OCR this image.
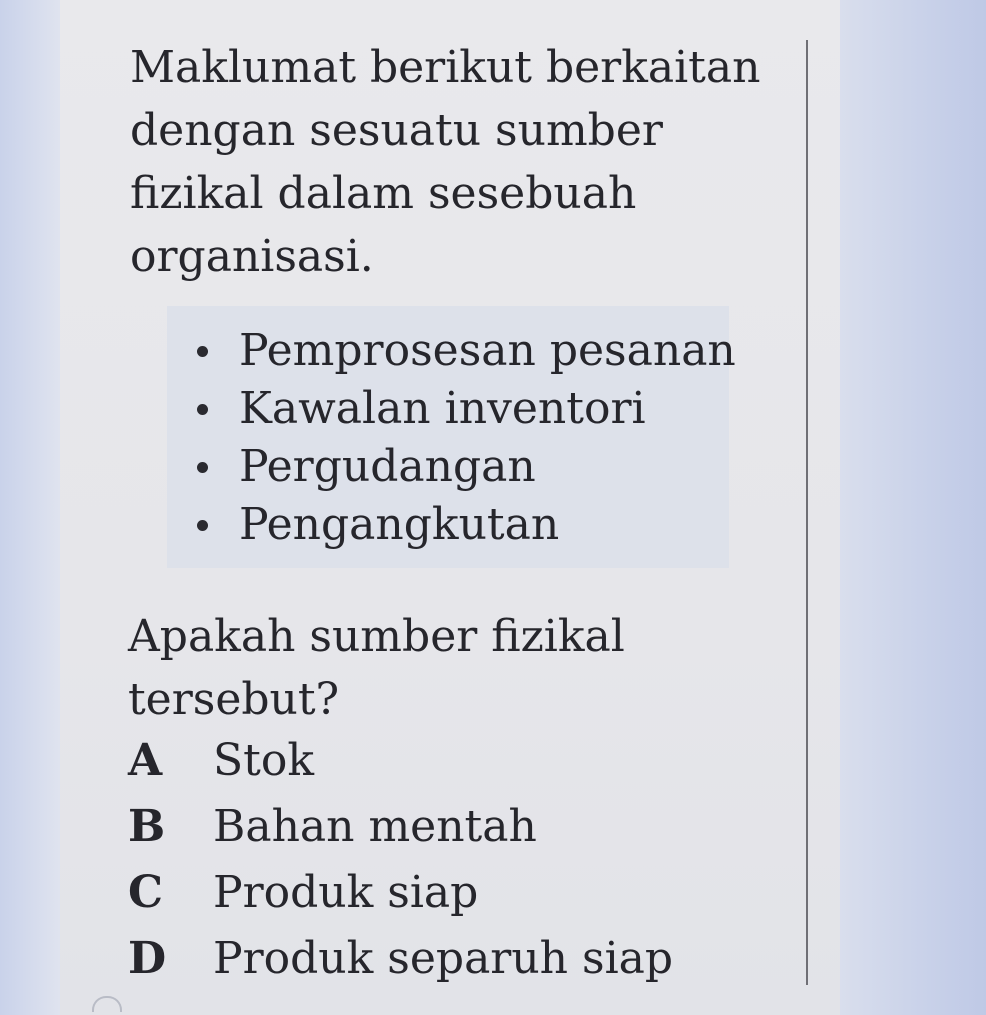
Maklumat berikut berkaitan
dengan sesuatu sumber
fizikal dalam sesebuah
organisasi.

Pemprosesan pesanan
Kawalan inventori
Pergudangan
Pengangkutan

Apakah sumber fizikal
tersebut?

A Stok
B Bahan mentah
C Produk siap
D Produk separuh siap
